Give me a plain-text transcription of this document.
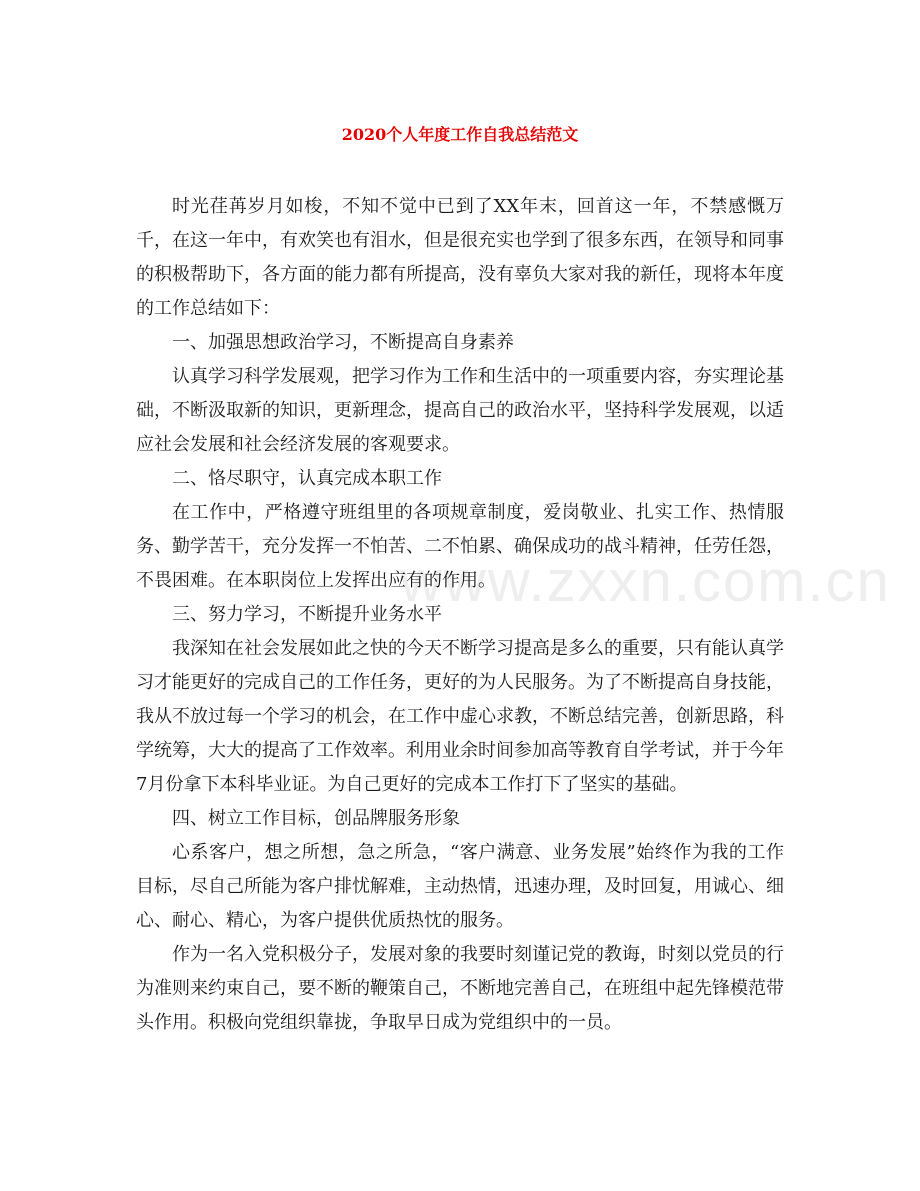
www.zxxn.com.cn
2020个人年度工作自我总结范文

时光荏苒岁月如梭，不知不觉中已到了XX年末，回首这一年，不禁感慨万千，在这一年中，有欢笑也有泪水，但是很充实也学到了很多东西，在领导和同事的积极帮助下，各方面的能力都有所提高，没有辜负大家对我的新任，现将本年度的工作总结如下：

一、加强思想政治学习，不断提高自身素养

认真学习科学发展观，把学习作为工作和生活中的一项重要内容，夯实理论基础，不断汲取新的知识，更新理念，提高自己的政治水平，坚持科学发展观，以适应社会发展和社会经济发展的客观要求。

二、恪尽职守，认真完成本职工作

在工作中，严格遵守班组里的各项规章制度，爱岗敬业、扎实工作、热情服务、勤学苦干，充分发挥一不怕苦、二不怕累、确保成功的战斗精神，任劳任怨，不畏困难。在本职岗位上发挥出应有的作用。

三、努力学习，不断提升业务水平

我深知在社会发展如此之快的今天不断学习提高是多么的重要，只有能认真学习才能更好的完成自己的工作任务，更好的为人民服务。为了不断提高自身技能，我从不放过每一个学习的机会，在工作中虚心求教，不断总结完善，创新思路，科学统筹，大大的提高了工作效率。利用业余时间参加高等教育自学考试，并于今年7月份拿下本科毕业证。为自己更好的完成本工作打下了坚实的基础。

四、树立工作目标，创品牌服务形象

心系客户，想之所想，急之所急，“客户满意、业务发展”始终作为我的工作目标，尽自己所能为客户排忧解难，主动热情，迅速办理，及时回复，用诚心、细心、耐心、精心，为客户提供优质热忱的服务。

作为一名入党积极分子，发展对象的我要时刻谨记党的教诲，时刻以党员的行为准则来约束自己，要不断的鞭策自己，不断地完善自己，在班组中起先锋模范带头作用。积极向党组织靠拢，争取早日成为党组织中的一员。
